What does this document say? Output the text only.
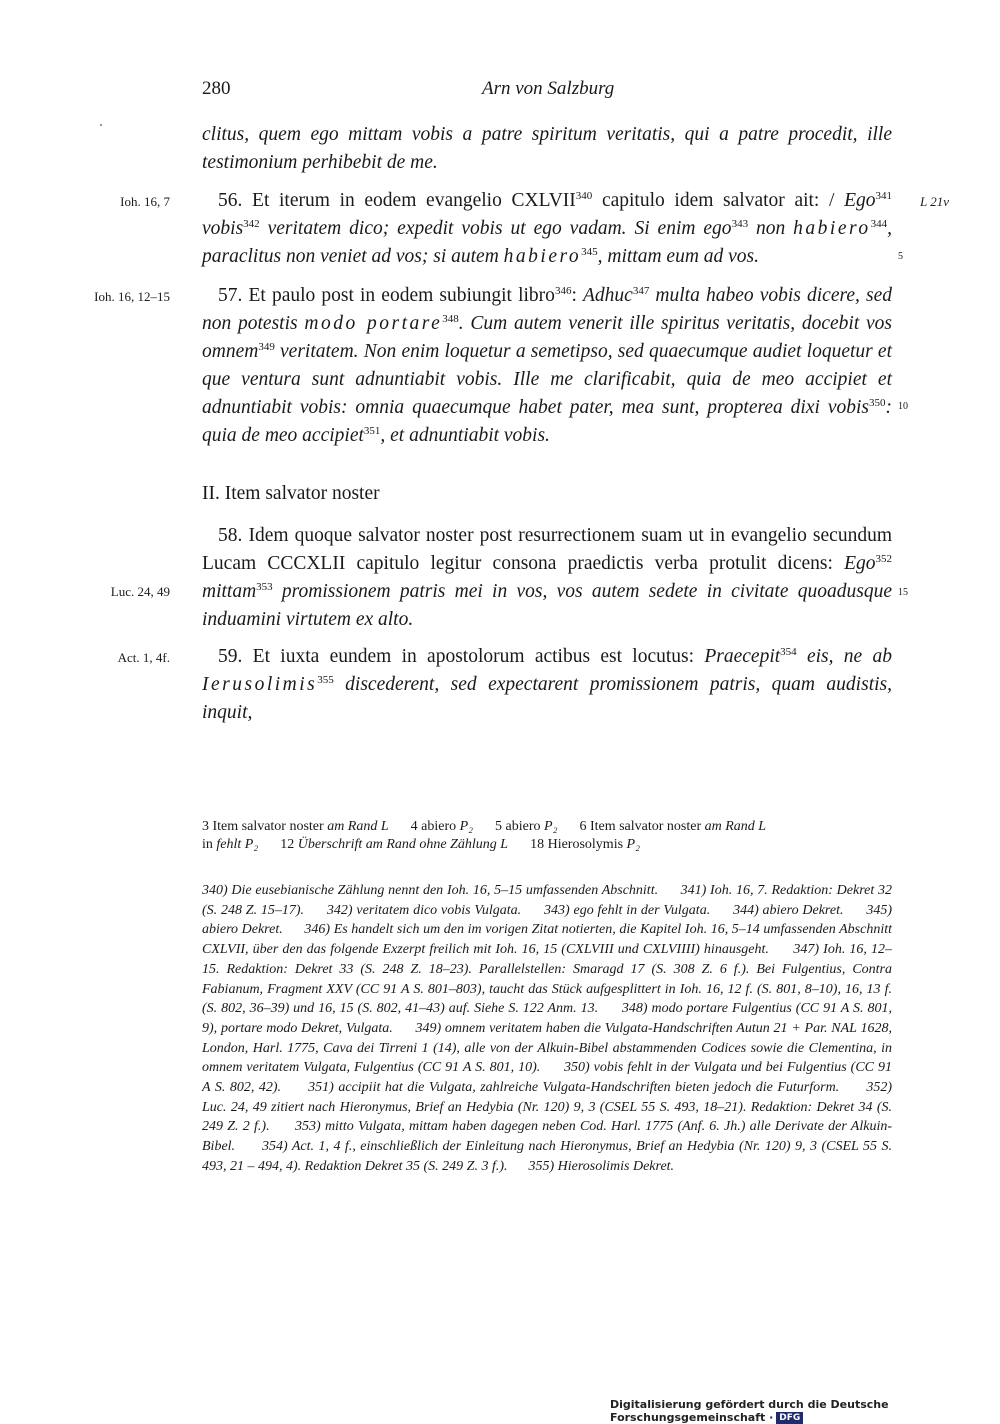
280	Arn von Salzburg

clitus, quem ego mittam vobis a patre spiritum veritatis, qui a patre procedit, ille testimonium perhibebit de me.

Ioh. 16, 7	L 21v

56. Et iterum in eodem evangelio CXLVII$^{340}$ capitulo idem salvator ait: / Ego$^{341}$ vobis$^{342}$ veritatem dico; expedit vobis ut ego vadam. Si enim ego$^{343}$ non habiero$^{344}$, paraclitus non veniet ad vos; si autem habiero$^{345}$, mittam eum ad vos.	5
Ioh. 16, 12–15	57. Et paulo post in eodem subiungit libro$^{346}$: Adhuc$^{347}$ multa habeo vobis dicere, sed non potestis modo portare$^{348}$. Cum autem venerit ille spiritus veritatis, docebit vos omnem$^{349}$ veritatem. Non enim loquetur a semetipso, sed quaecumque audiet loquetur et que ventura sunt adnuntiabit vobis. Ille me clarificabit, quia de meo accipiet et adnuntiabit vobis: omnia quaecumque habet pater, mea sunt, propterea dixi vobis$^{350}$: quia de meo accipiet$^{351}$, et adnuntiabit vobis.

10
II. Item salvator noster
Luc. 24, 49

58. Idem quoque salvator noster post resurrectionem suam ut in evangelio secundum Lucam CCCXLII capitulo legitur consona praedictis verba protulit dicens: Ego$^{352}$ mittam$^{353}$ promissionem patris mei in vos, vos autem sedete in civitate quoadusque induamini virtutem ex alto.

15
Act. 1, 4f.	59. Et iuxta eundem in apostolorum actibus est locutus: Praecepit$^{354}$ eis, ne ab Ierusolimis$^{355}$ discederent, sed expectarent promissionem patris, quam audistis, inquit,

3 Item salvator noster am Rand L 4 abiero P₂ 5 abiero P₂ 6 Item salvator noster am Rand L
in fehlt P₂ 12 Überschrift am Rand ohne Zählung L 18 Hierosolymis P₂

340) Die eusebianische Zählung nennt den Ioh. 16, 5–15 umfassenden Abschnitt.      341) Ioh. 16, 7. Redaktion: Dekret 32 (S. 248 Z. 15–17).      342) veritatem dico vobis Vulgata.      343) ego fehlt in der Vulgata.      344) abiero Dekret.      345) abiero Dekret.      346) Es handelt sich um den im vorigen Zitat notierten, die Kapitel Ioh. 16, 5–14 umfassenden Abschnitt CXLVII, über den das folgende Exzerpt freilich mit Ioh. 16, 15 (CXLVIII und CXLVIIII) hinausgeht.      347) Ioh. 16, 12–15. Redaktion: Dekret 33 (S. 248 Z. 18–23). Parallelstellen: Smaragd 17 (S. 308 Z. 6 f.). Bei Fulgentius, Contra Fabianum, Fragment XXV (CC 91 A S. 801–803), taucht das Stück aufgesplittert in Ioh. 16, 12 f. (S. 801, 8–10), 16, 13 f. (S. 802, 36–39) und 16, 15 (S. 802, 41–43) auf. Siehe S. 122 Anm. 13.      348) modo portare Fulgentius (CC 91 A S. 801, 9), portare modo Dekret, Vulgata.      349) omnem veritatem haben die Vulgata-Handschriften Autun 21 + Par. NAL 1628, London, Harl. 1775, Cava dei Tirreni 1 (14), alle von der Alkuin-Bibel abstammenden Codices sowie die Clementina, in omnem veritatem Vulgata, Fulgentius (CC 91 A S. 801, 10).      350) vobis fehlt in der Vulgata und bei Fulgentius (CC 91 A S. 802, 42).      351) accipiit hat die Vulgata, zahlreiche Vulgata-Handschriften bieten jedoch die Futurform.      352) Luc. 24, 49 zitiert nach Hieronymus, Brief an Hedybia (Nr. 120) 9, 3 (CSEL 55 S. 493, 18–21). Redaktion: Dekret 34 (S. 249 Z. 2 f.).      353) mitto Vulgata, mittam haben dagegen neben Cod. Harl. 1775 (Anf. 6. Jh.) alle Derivate der Alkuin-Bibel.      354) Act. 1, 4 f., einschließlich der Einleitung nach Hieronymus, Brief an Hedybia (Nr. 120) 9, 3 (CSEL 55 S. 493, 21 – 494, 4). Redaktion Dekret 35 (S. 249 Z. 3 f.).      355) Hierosolimis Dekret.

Digitalisierung gefördert durch die Deutsche Forschungsgemeinschaft · DFG
